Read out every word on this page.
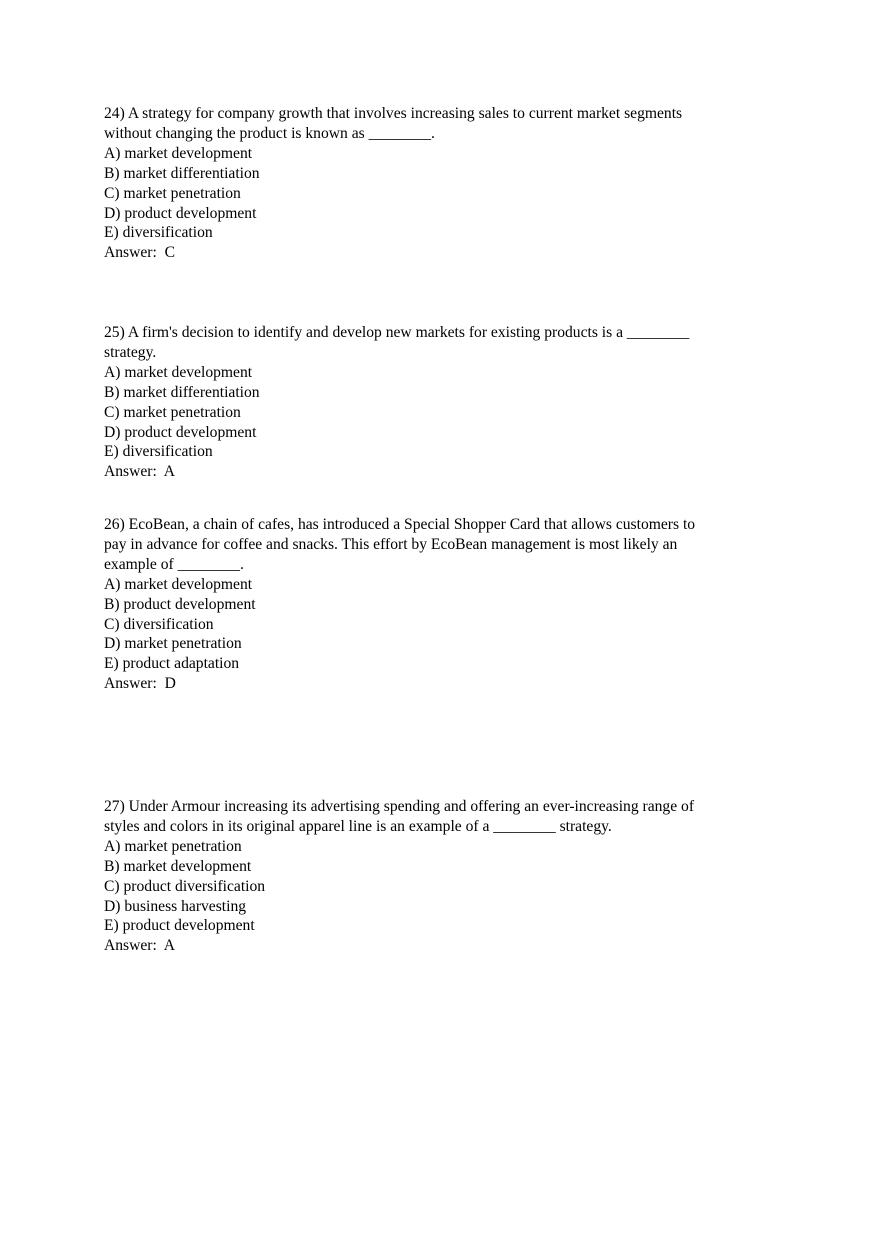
24) A strategy for company growth that involves increasing sales to current market segments
without changing the product is known as ________.
A) market development
B) market differentiation
C) market penetration
D) product development
E) diversification
Answer:  C
25) A firm's decision to identify and develop new markets for existing products is a ________
strategy.
A) market development
B) market differentiation
C) market penetration
D) product development
E) diversification
Answer:  A
26) EcoBean, a chain of cafes, has introduced a Special Shopper Card that allows customers to
pay in advance for coffee and snacks. This effort by EcoBean management is most likely an
example of ________.
A) market development
B) product development
C) diversification
D) market penetration
E) product adaptation
Answer:  D
27) Under Armour increasing its advertising spending and offering an ever-increasing range of
styles and colors in its original apparel line is an example of a ________ strategy.
A) market penetration
B) market development
C) product diversification
D) business harvesting
E) product development
Answer:  A
